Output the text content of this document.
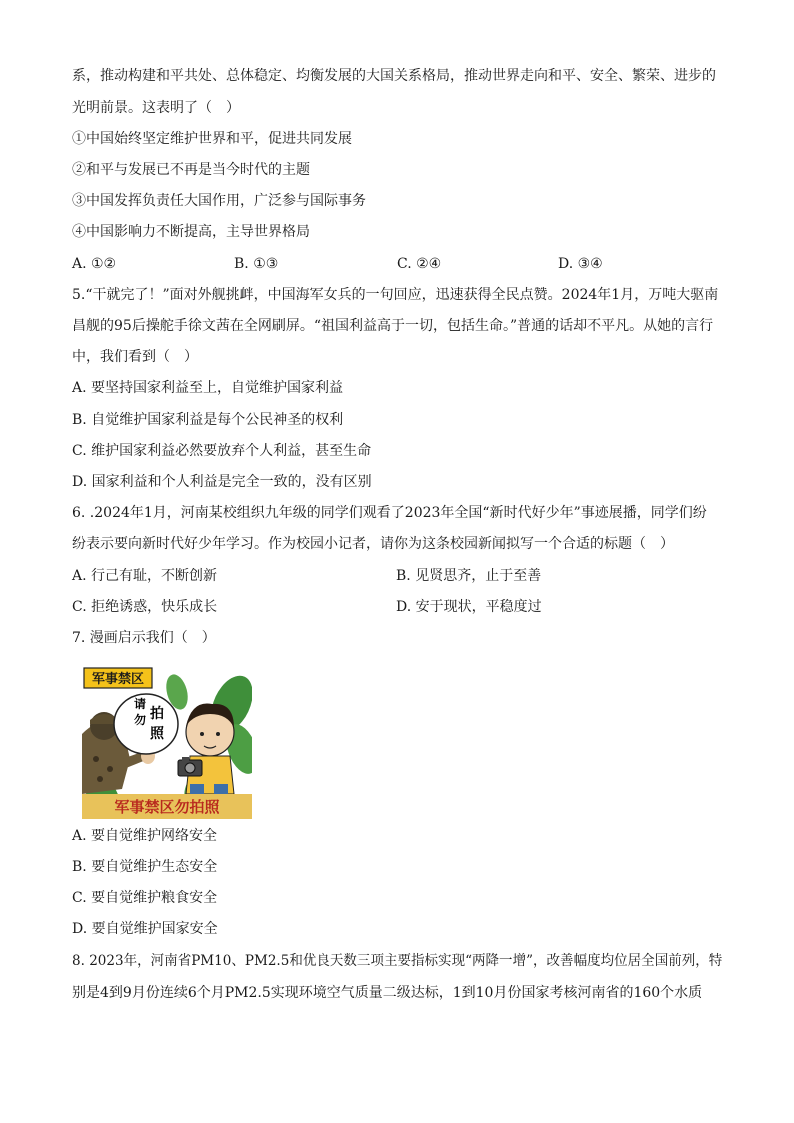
系，推动构建和平共处、总体稳定、均衡发展的大国关系格局，推动世界走向和平、安全、繁荣、进步的
光明前景。这表明了（　）
①中国始终坚定维护世界和平，促进共同发展
②和平与发展已不再是当今时代的主题
③中国发挥负责任大国作用，广泛参与国际事务
④中国影响力不断提高，主导世界格局
A. ①②	B. ①③	C. ②④	D. ③④
5.“干就完了！”面对外舰挑衅，中国海军女兵的一句回应，迅速获得全民点赞。2024年1月，万吨大驱南
昌舰的95后操舵手徐文茜在全网刷屏。“祖国利益高于一切，包括生命。”普通的话却不平凡。从她的言行
中，我们看到（　）
A. 要坚持国家利益至上，自觉维护国家利益
B. 自觉维护国家利益是每个公民神圣的权利
C. 维护国家利益必然要放弃个人利益，甚至生命
D. 国家利益和个人利益是完全一致的，没有区别
6. .2024年1月，河南某校组织九年级的同学们观看了2023年全国“新时代好少年”事迹展播，同学们纷
纷表示要向新时代好少年学习。作为校园小记者，请你为这条校园新闻拟写一个合适的标题（　）
A. 行己有耻，不断创新	B. 见贤思齐，止于至善
C. 拒绝诱惑，快乐成长	D. 安于现状，平稳度过
7. 漫画启示我们（　）
军事禁区
请
勿 拍
照
军事禁区勿拍照
A. 要自觉维护网络安全
B. 要自觉维护生态安全
C. 要自觉维护粮食安全
D. 要自觉维护国家安全
8. 2023年，河南省PM10、PM2.5和优良天数三项主要指标实现“两降一增”，改善幅度均位居全国前列，特
别是4到9月份连续6个月PM2.5实现环境空气质量二级达标，1到10月份国家考核河南省的160个水质
